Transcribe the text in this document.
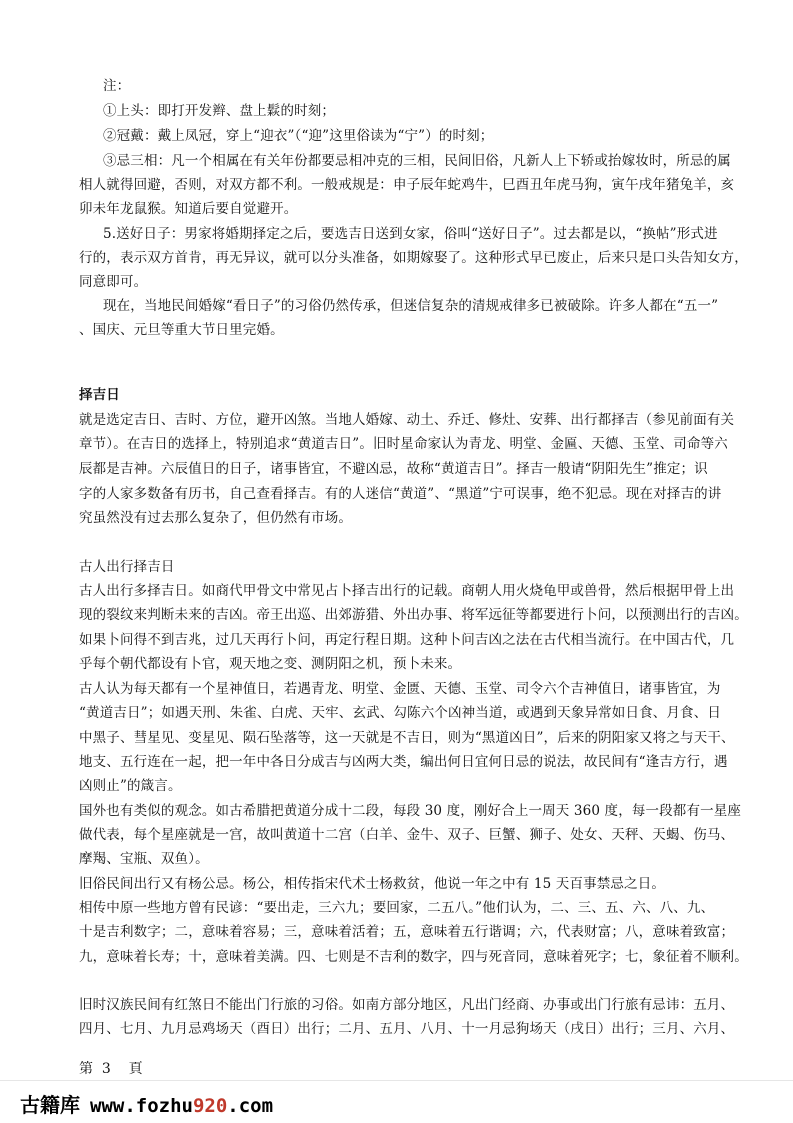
注：
①上头：即打开发辫、盘上鬏的时刻；
②冠戴：戴上凤冠，穿上“迎衣”（“迎”这里俗读为“宁”）的时刻；
③忌三相：凡一个相属在有关年份都要忌相冲克的三相，民间旧俗，凡新人上下轿或抬嫁妆时，所忌的属
相人就得回避，否则，对双方都不利。一般戒规是：申子辰年蛇鸡牛，巳酉丑年虎马狗，寅午戌年猪兔羊，亥
卯未年龙鼠猴。知道后要自觉避开。
5.送好日子：男家将婚期择定之后，要选吉日送到女家，俗叫“送好日子”。过去都是以，“换帖”形式进
行的，表示双方首肯，再无异议，就可以分头准备，如期嫁娶了。这种形式早已废止，后来只是口头告知女方，
同意即可。
现在，当地民间婚嫁“看日子”的习俗仍然传承，但迷信复杂的清规戒律多已被破除。许多人都在“五一”
、国庆、元旦等重大节日里完婚。
择吉日
就是选定吉日、吉时、方位，避开凶煞。当地人婚嫁、动土、乔迁、修灶、安葬、出行都择吉（参见前面有关
章节）。在吉日的选择上，特别追求“黄道吉日”。旧时星命家认为青龙、明堂、金匾、天德、玉堂、司命等六
辰都是吉神。六辰值日的日子，诸事皆宜，不避凶忌，故称“黄道吉日”。择吉一般请“阴阳先生”推定；识
字的人家多数备有历书，自己查看择吉。有的人迷信“黄道”、“黑道”宁可误事，绝不犯忌。现在对择吉的讲
究虽然没有过去那么复杂了，但仍然有市场。
古人出行择吉日
古人出行多择吉日。如商代甲骨文中常见占卜择吉出行的记载。商朝人用火烧龟甲或兽骨，然后根据甲骨上出
现的裂纹来判断未来的吉凶。帝王出巡、出郊游猎、外出办事、将军远征等都要进行卜问，以预测出行的吉凶。
如果卜问得不到吉兆，过几天再行卜问，再定行程日期。这种卜问吉凶之法在古代相当流行。在中国古代，几
乎每个朝代都设有卜官，观天地之变、测阴阳之机，预卜未来。
古人认为每天都有一个星神值日，若遇青龙、明堂、金匮、天德、玉堂、司令六个吉神值日，诸事皆宜，为
“黄道吉日”；如遇天刑、朱雀、白虎、天牢、玄武、勾陈六个凶神当道，或遇到天象异常如日食、月食、日
中黑子、彗星见、变星见、陨石坠落等，这一天就是不吉日，则为“黑道凶日”，后来的阴阳家又将之与天干、
地支、五行连在一起，把一年中各日分成吉与凶两大类，编出何日宜何日忌的说法，故民间有“逢吉方行，遇
凶则止”的箴言。
国外也有类似的观念。如古希腊把黄道分成十二段，每段 30 度，刚好合上一周天 360 度，每一段都有一星座
做代表，每个星座就是一宫，故叫黄道十二宫（白羊、金牛、双子、巨蟹、狮子、处女、天秤、天蝎、伤马、
摩羯、宝瓶、双鱼）。
旧俗民间出行又有杨公忌。杨公，相传指宋代术士杨救贫，他说一年之中有 15 天百事禁忌之日。
相传中原一些地方曾有民谚：“要出走，三六九；要回家，二五八。”他们认为，二、三、五、六、八、九、
十是吉利数字；二，意味着容易；三，意味着活着；五，意味着五行谐调；六，代表财富；八，意味着致富；
九，意味着长寿；十，意味着美满。四、七则是不吉利的数字，四与死音同，意味着死字；七，象征着不顺利。
旧时汉族民间有红煞日不能出门行旅的习俗。如南方部分地区，凡出门经商、办事或出门行旅有忌讳：五月、
四月、七月、九月忌鸡场天（酉日）出行；二月、五月、八月、十一月忌狗场天（戌日）出行；三月、六月、
第  3    頁
古籍库 www.fozhu920.com
